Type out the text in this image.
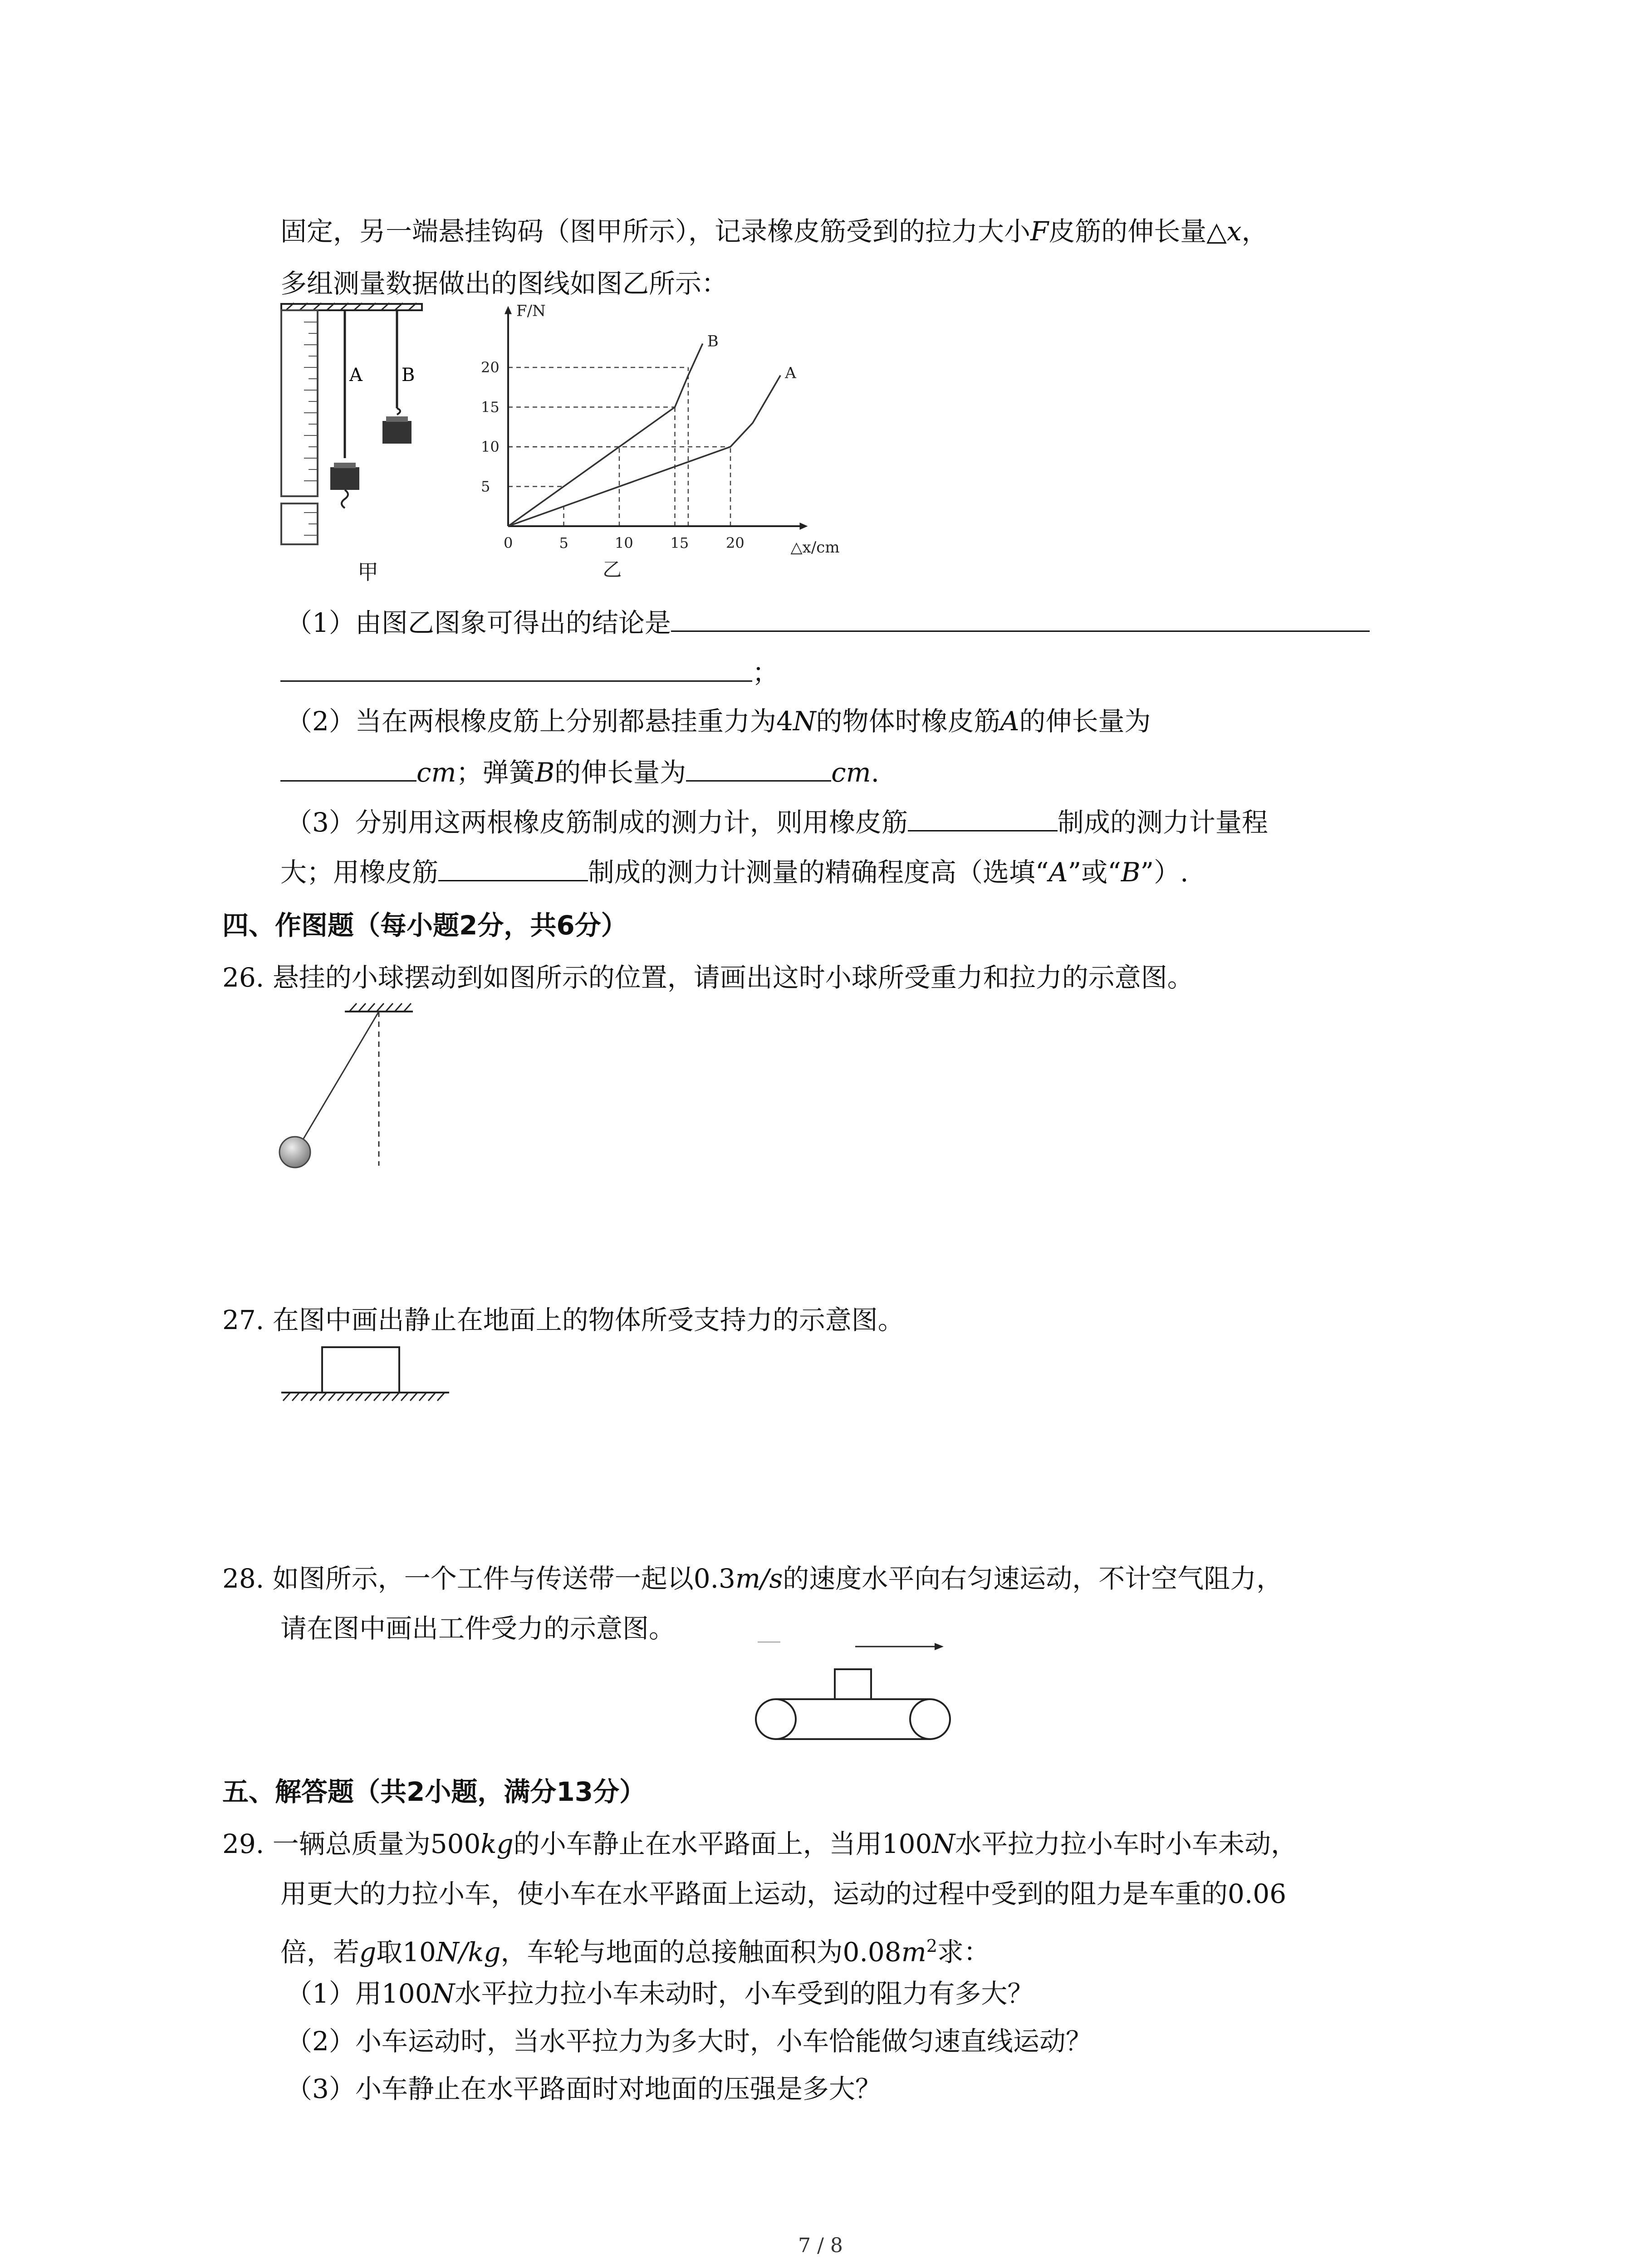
固定，另一端悬挂钩码（图甲所示），记录橡皮筋受到的拉力大小F皮筋的伸长量△x，
多组测量数据做出的图线如图乙所示：
A B
甲
F/N
△x/cm
乙
0	5	10	15	20
5
10
15
20	A
B
（1）由图乙图象可得出的结论是
；
（2）当在两根橡皮筋上分别都悬挂重力为4N的物体时橡皮筋A的伸长量为
cm；弹簧B的伸长量为	cm.
（3）分别用这两根橡皮筋制成的测力计，则用橡皮筋	制成的测力计量程
大；用橡皮筋	制成的测力计测量的精确程度高（选填“A”或“B”）.
四、作图题（每小题2分，共6分）
26. 悬挂的小球摆动到如图所示的位置，请画出这时小球所受重力和拉力的示意图。
27. 在图中画出静止在地面上的物体所受支持力的示意图。
28. 如图所示，一个工件与传送带一起以0.3m/s的速度水平向右匀速运动，不计空气阻力，
请在图中画出工件受力的示意图。
五、解答题（共2小题，满分13分）
29. 一辆总质量为500kg的小车静止在水平路面上，当用100N水平拉力拉小车时小车未动，
用更大的力拉小车，使小车在水平路面上运动，运动的过程中受到的阻力是车重的0.06
倍，若g取10N/kg，车轮与地面的总接触面积为$0.08m^2$求：
（1）用100N水平拉力拉小车未动时，小车受到的阻力有多大？
（2）小车运动时，当水平拉力为多大时，小车恰能做匀速直线运动？
（3）小车静止在水平路面时对地面的压强是多大？
7 / 8
